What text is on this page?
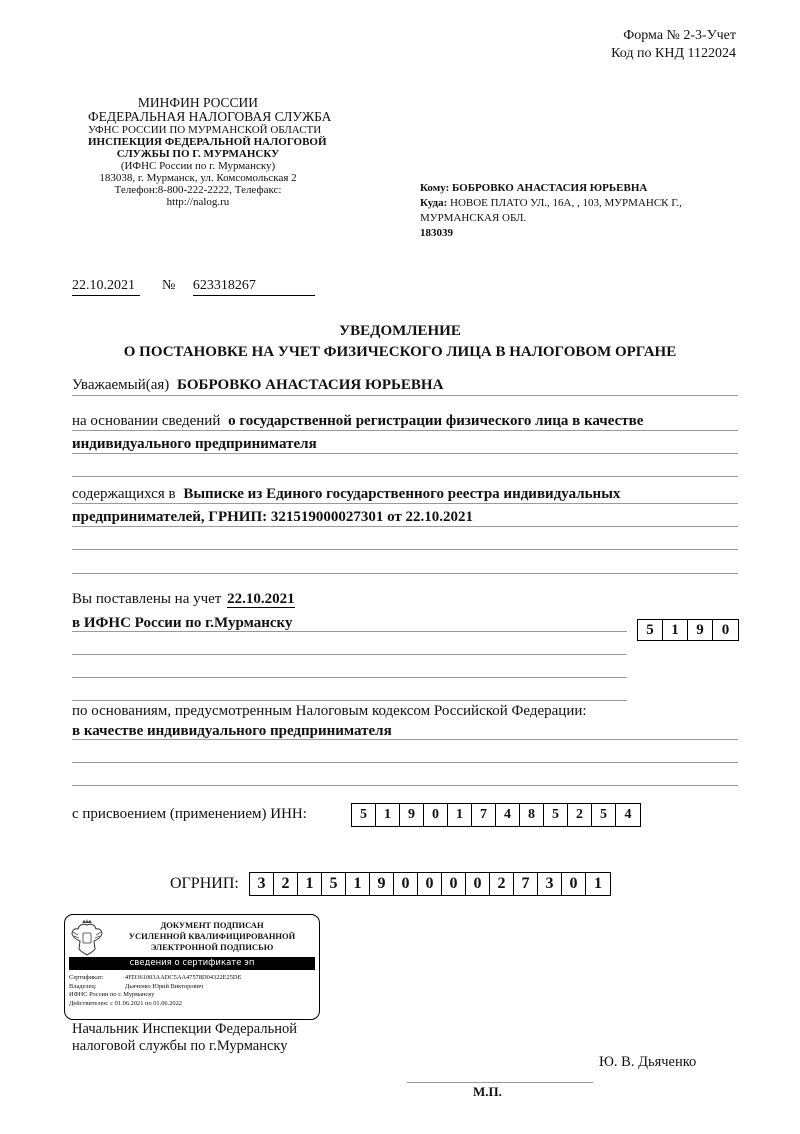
Форма № 2-3-Учет
Код по КНД 1122024
МИНФИН РОССИИ
ФЕДЕРАЛЬНАЯ НАЛОГОВАЯ СЛУЖБА
УФНС РОССИИ ПО МУРМАНСКОЙ ОБЛАСТИ
ИНСПЕКЦИЯ ФЕДЕРАЛЬНОЙ НАЛОГОВОЙ
СЛУЖБЫ ПО Г. МУРМАНСКУ
(ИФНС России по г. Мурманску)
183038, г. Мурманск, ул. Комсомольская 2
Телефон:8-800-222-2222, Телефакс:
http://nalog.ru
Кому: БОБРОВКО АНАСТАСИЯ ЮРЬЕВНА
Куда: НОВОЕ ПЛАТО УЛ., 16А, , 103, МУРМАНСК Г.,
МУРМАНСКАЯ ОБЛ.
183039
22.10.2021 № 623318267
УВЕДОМЛЕНИЕ
О ПОСТАНОВКЕ НА УЧЕТ ФИЗИЧЕСКОГО ЛИЦА В НАЛОГОВОМ ОРГАНЕ
Уважаемый(ая) БОБРОВКО АНАСТАСИЯ ЮРЬЕВНА
на основании сведений о государственной регистрации физического лица в качестве
индивидуального предпринимателя
содержащихся в Выписке из Единого государственного реестра индивидуальных
предпринимателей, ГРНИП: 321519000027301 от 22.10.2021
Вы поставлены на учет 22.10.2021
в ИФНС России по г.Мурманску	5	1	9	0
по основаниям, предусмотренным Налоговым кодексом Российской Федерации:
в качестве индивидуального предпринимателя
с присвоением (применением) ИНН:	5	1	9	0	1	7	4	8	5	2	5	4
ОГРНИП:	3	2	1	5	1	9	0	0	0	0	2	7	3	0	1
ДОКУМЕНТ ПОДПИСАН
УСИЛЕННОЙ КВАЛИФИЦИРОВАННОЙ
ЭЛЕКТРОННОЙ ПОДПИСЬЮ
сведения о сертификате эп
Сертификат:	4FD361003AADC5AA47578D04322E25DE
Владелец:	Дьяченко Юрий Викторович
ИФНС России по г. Мурманску
Действителен: с 01.06.2021 по 01.06.2022
Начальник Инспекции Федеральной
налоговой службы по г.Мурманску
Ю. В. Дьяченко
М.П.
